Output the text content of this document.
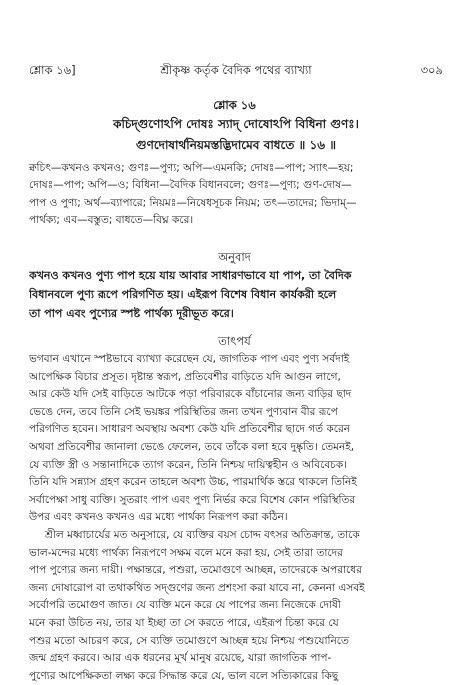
শ্লোক ১৬]	শ্রীকৃষ্ণ কর্তৃক বৈদিক পথের ব্যাখ্যা	৩০৯
শ্লোক ১৬
কচিদ্গুণোঽপি দোষঃ স্যাদ্ দোষোঽপি বিধিনা গুণঃ।
গুণদোষার্থনিয়মস্তদ্ভিদামেব বাধতে ॥ ১৬ ॥
ক্বচিৎ—কখনও কখনও; গুণঃ—পুণ্য; অপি—এমনকি; দোষঃ—পাপ; স্যাৎ—হয়;
দোষঃ—পাপ; অপি—ও; বিধিনা—বৈদিক বিধানবলে; গুণঃ—পুণ্য; গুণ-দোষ—
পাপ ও পুণ্য; অর্থ—ব্যাপারে; নিয়মঃ—নিষেধসূচক নিয়ম; তৎ—তাদের; ভিদাম্—
পার্থক্য; এব—বস্তুত; বাধতে—বিঘ্ন করে।
অনুবাদ
কখনও কখনও পুণ্য পাপ হয়ে যায় আবার সাধারণভাবে যা পাপ, তা বৈদিক
বিধানবলে পুণ্য রূপে পরিগণিত হয়। এইরূপ বিশেষ বিধান কার্যকরী হলে
তা পাপ এবং পুণ্যের স্পষ্ট পার্থক্য দূরীভূত করে।
তাৎপর্য
ভগবান এখানে স্পষ্টভাবে ব্যাখ্যা করেছেন যে, জাগতিক পাপ এবং পুণ্য সর্বদাই
আপেক্ষিক বিচার প্রসূত। দৃষ্টান্ত স্বরূপ, প্রতিবেশীর বাড়িতে যদি আগুন লাগে,
আর কেউ যদি সেই বাড়িতে আটকে পড়া পরিবারকে বাঁচানোর জন্য বাড়ির ছাদ
ভেঙে দেন, তবে তিনি সেই ভয়ঙ্কর পরিস্থিতির জন্য তখন পুণ্যবান বীর রূপে
পরিগণিত হবেন। সাধারণ অবস্থায় অবশ্য কেউ যদি প্রতিবেশীর ছাদে গর্ত করেন
অথবা প্রতিবেশীর জানালা ভেঙে ফেলেন, তবে তাঁকে বলা হবে দুষ্কৃতি। তেমনই,
যে ব্যক্তি স্ত্রী ও সন্তানাদিকে ত্যাগ করেন, তিনি নিশ্চয় দায়িত্বহীন ও অবিবেচক।
তিনি যদি সন্ন্যাস গ্রহণ করেন তাহলে অবশ্য উচ্চ, পারমার্থিক স্তরে থাকলে তিনিই
সর্বাপেক্ষা সাধু ব্যক্তি। সুতরাং পাপ এবং পুণ্য নির্ভর করে বিশেষ কোন পরিস্থিতির
উপর এবং কখনও কখনও এর মধ্যে পার্থক্য নিরূপণ করা কঠিন।
শ্রীল মধ্বাচার্যের মত অনুসারে, যে ব্যক্তির বয়স চোদ্দ বৎসর অতিক্রান্ত, তাকে
ভাল-মন্দের মধ্যে পার্থক্য নিরূপণে সক্ষম বলে মনে করা হয়, সেই তারা তাদের
পাপ পুণ্যের জন্য দায়ী। পক্ষান্তরে, পশুরা, তমোগুণে আচ্ছন্ন, তাদেরকে অপরাধের
জন্য দোষারোপ বা তথাকথিত সদ্গুণের জন্য প্রশংসা করা যাবে না, কেননা এসবই
সর্বোপরি তমোগুণ জাত। যে ব্যক্তি মনে করে যে পাপের জন্য নিজেকে দোষী
মনে করা উচিত নয়, তার যা ইচ্ছা তা সে করতে পারে, এইরূপ চিন্তা করে যে
পশুর মতো আচরণ করে, সে ব্যক্তি তমোগুণে আচ্ছন্ন হয়ে নিশ্চয় পশুযোনিতে
জন্ম গ্রহণ করবে। আর এক ধরনের মূর্খ মানুষ রয়েছে, যারা জাগতিক পাপ-
পুণ্যের আপেক্ষিকতা লক্ষ্য করে সিদ্ধান্ত করে যে, ভাল বলে সত্যিকারের কিছু
